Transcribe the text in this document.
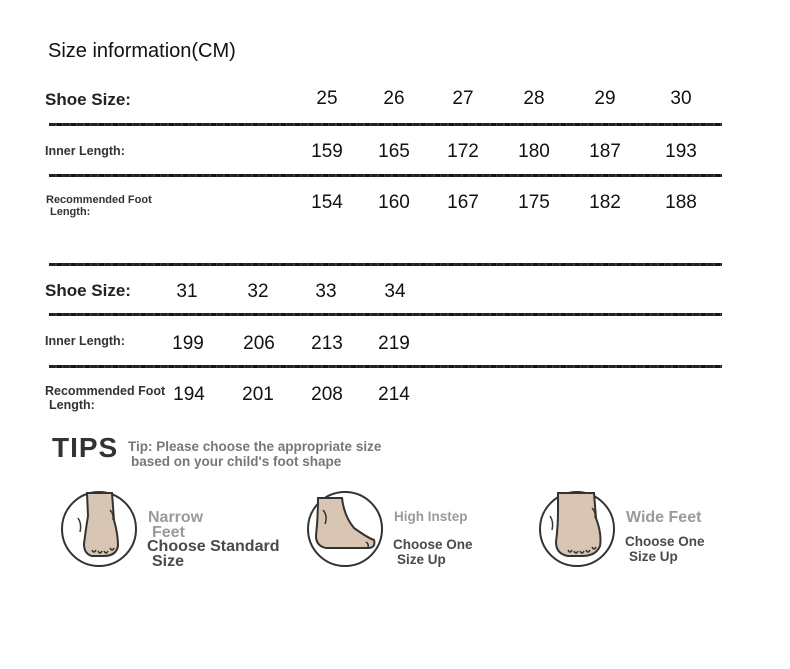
Size information(CM)
Shoe Size:	25	26	27	28	29	30
Inner Length:	159	165	172	180	187	193
Recommended Foot
Length:	154	160	167	175	182	188
Shoe Size:	31	32	33	34
Inner Length:	199	206	213	219
Recommended Foot
Length:	194	201	208	214
TIPS Tip: Please choose the appropriate size
based on your child's foot shape
Narrow
Feet
Choose Standard
Size
High Instep
Choose One
Size Up
Wide Feet
Choose One
Size Up
